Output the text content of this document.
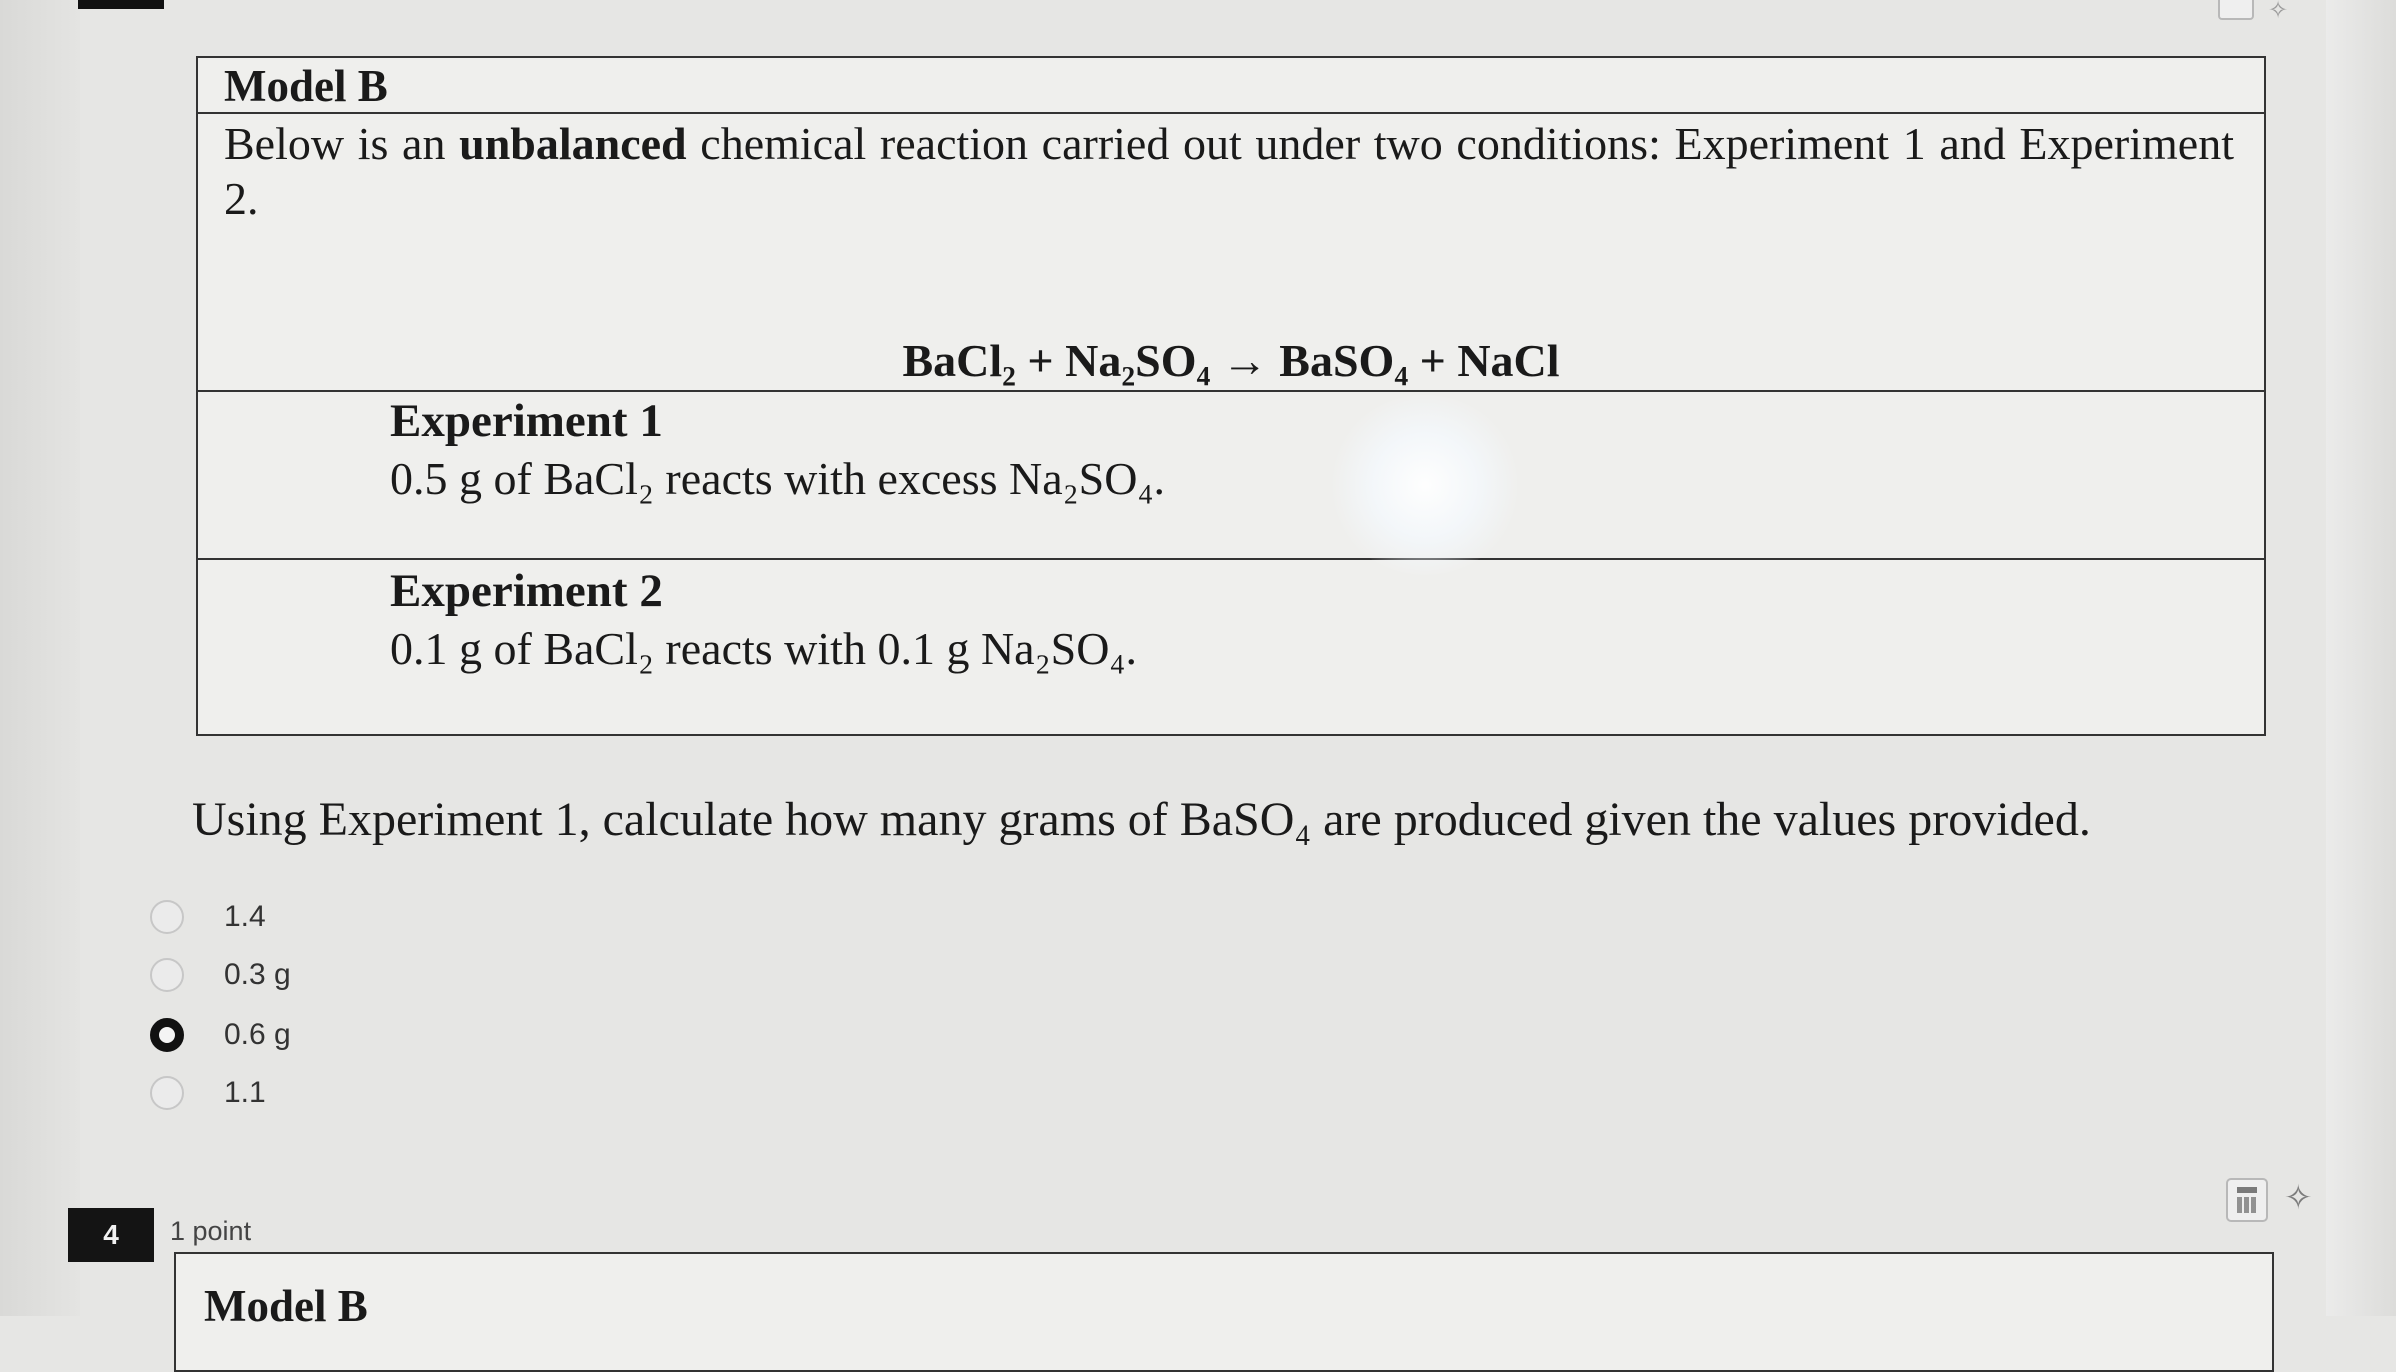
✧
Model B
Below is an unbalanced chemical reaction carried out under two conditions: Experiment 1 and Experiment 2.
BaCl₂ + Na₂SO₄ → BaSO₄ + NaCl
Experiment 1
0.5 g of BaCl₂ reacts with excess Na₂SO₄.
Experiment 2
0.1 g of BaCl₂ reacts with 0.1 g Na₂SO₄.
Using Experiment 1, calculate how many grams of BaSO₄ are produced given the values provided.
1.4
0.3 g
0.6 g
1.1
4	1 point
✧
Model B
